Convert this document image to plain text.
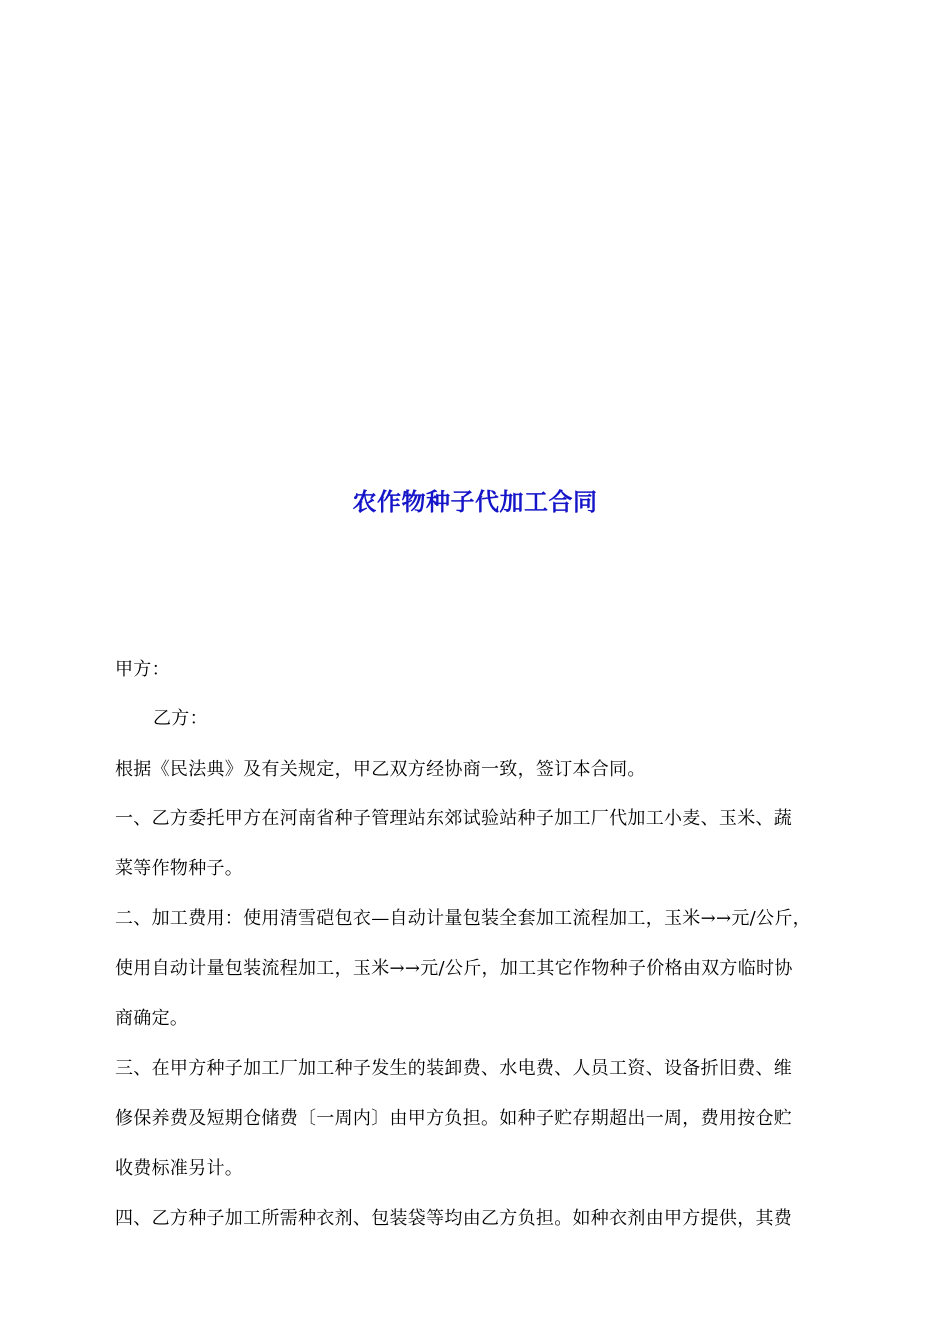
农作物种子代加工合同
甲方：
乙方：
根据《民法典》及有关规定，甲乙双方经协商一致，签订本合同。
一、乙方委托甲方在河南省种子管理站东郊试验站种子加工厂代加工小麦、玉米、蔬
菜等作物种子。
二、加工费用：使用清雪硙包衣—自动计量包装全套加工流程加工，玉米→→元/公斤，
使用自动计量包装流程加工，玉米→→元/公斤，加工其它作物种子价格由双方临时协
商确定。
三、在甲方种子加工厂加工种子发生的装卸费、水电费、人员工资、设备折旧费、维
修保养费及短期仓储费〔一周内〕由甲方负担。如种子贮存期超出一周，费用按仓贮
收费标准另计。
四、乙方种子加工所需种衣剂、包装袋等均由乙方负担。如种衣剂由甲方提供，其费
